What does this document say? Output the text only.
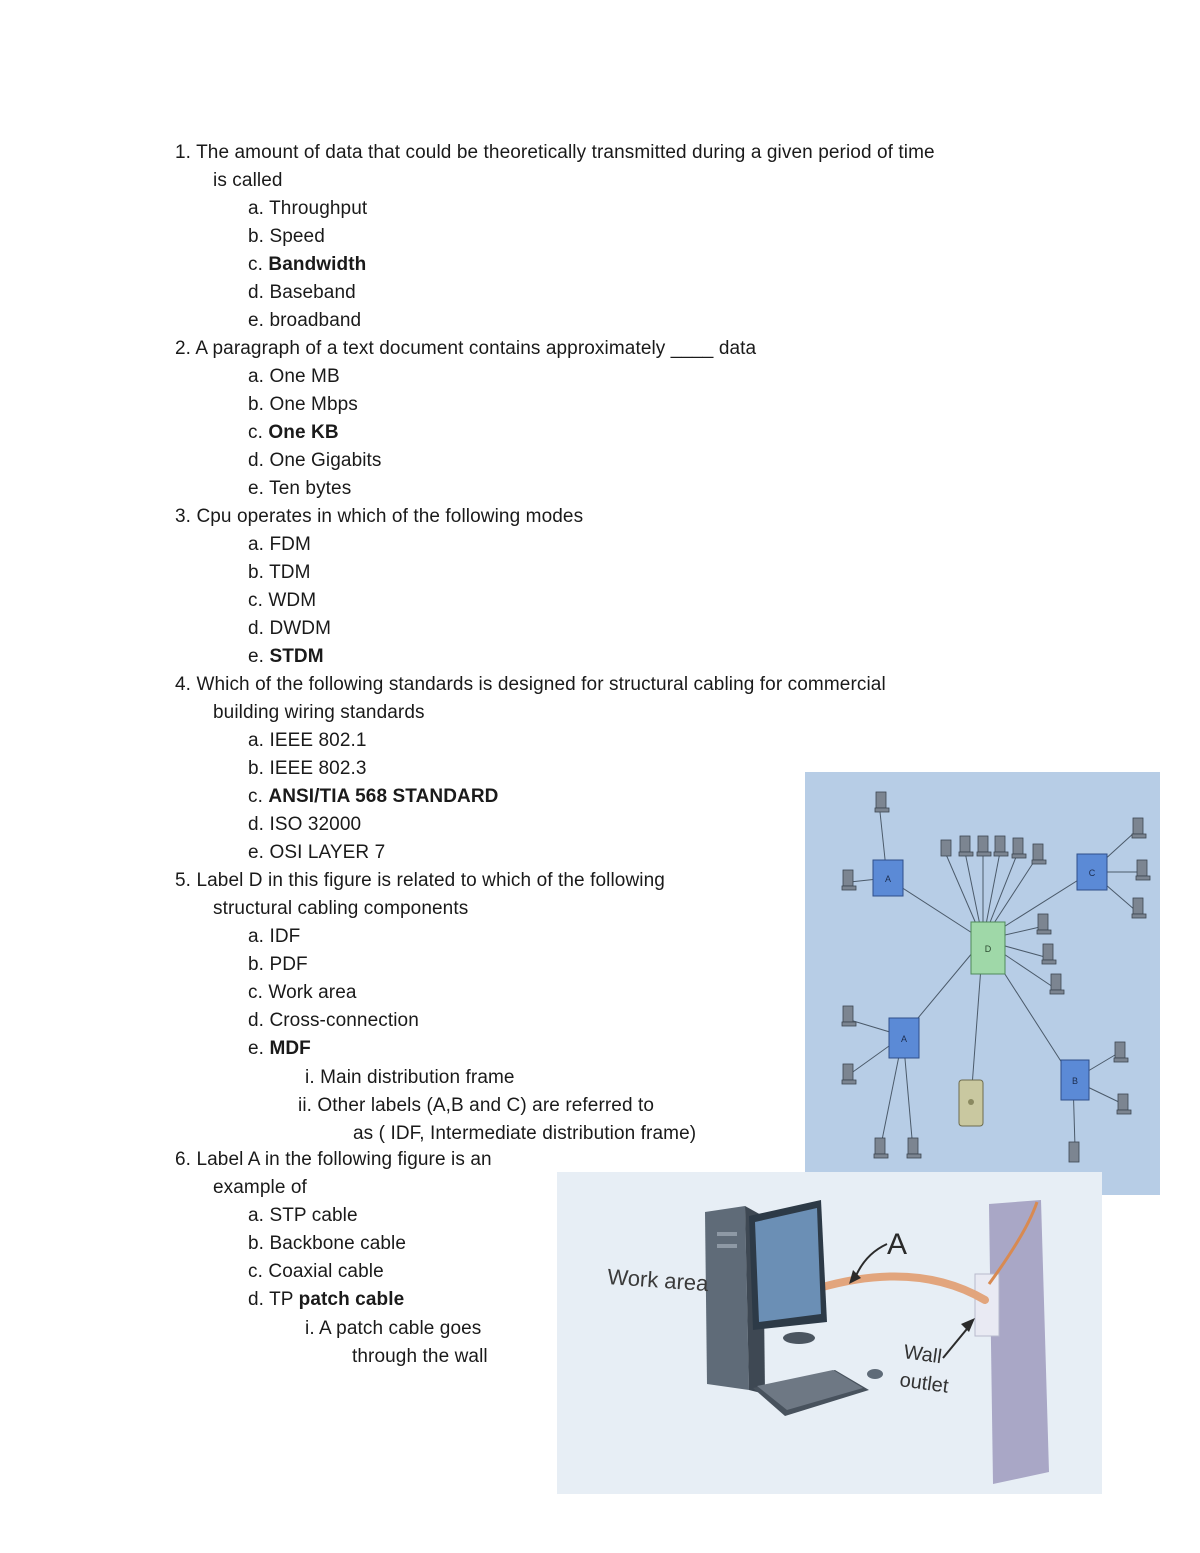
1. The amount of data that could be theoretically transmitted during a given period of time
is called
a. Throughput
b. Speed
c. Bandwidth
d. Baseband
e. broadband
2. A paragraph of a text document contains approximately ____ data
a. One MB
b. One Mbps
c. One KB
d. One Gigabits
e. Ten bytes
3. Cpu operates in which of the following modes
a. FDM
b. TDM
c. WDM
d. DWDM
e. STDM
4. Which of the following standards is designed for structural cabling for commercial
building wiring standards
a. IEEE 802.1
b. IEEE 802.3
c. ANSI/TIA 568 STANDARD
d. ISO 32000
e. OSI LAYER 7
5. Label D in this figure is related to which of the following
structural cabling components
a. IDF
b. PDF
c. Work area
d. Cross-connection
e. MDF
i. Main distribution frame
ii. Other labels (A,B and C) are referred to
as ( IDF, Intermediate distribution frame)
6. Label A in the following figure is an
example of
a. STP cable
b. Backbone cable
c. Coaxial cable
d. TP patch cable
i. A patch cable goes
through the wall
A
C
D
A
B
Work area
A
Wall
outlet
